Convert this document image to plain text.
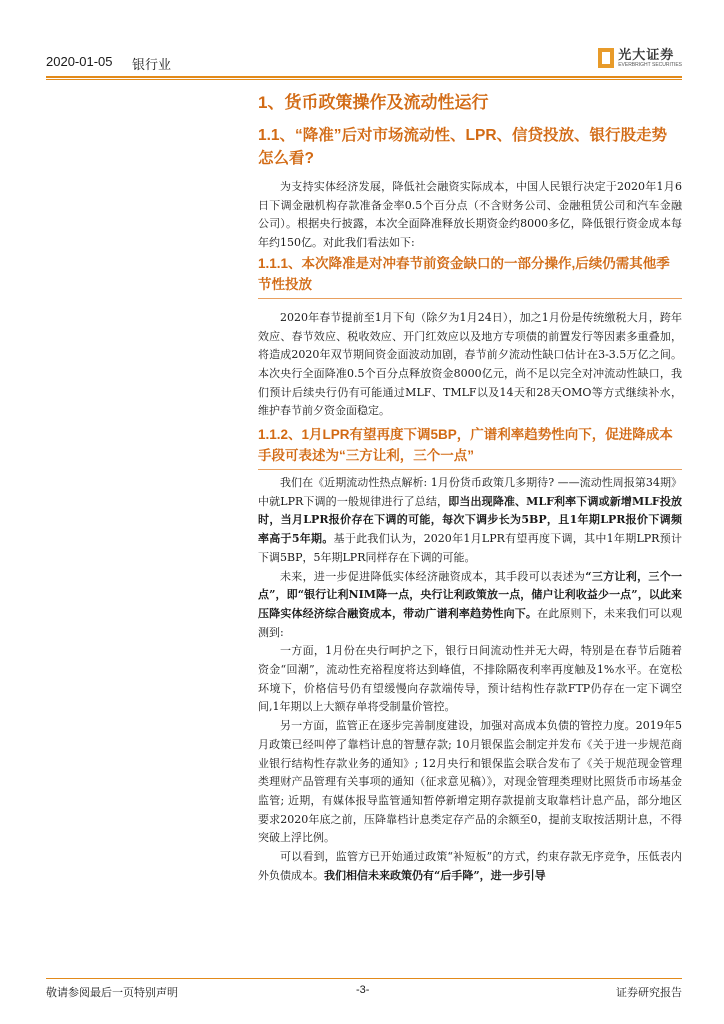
2020-01-05 银行业
光大证券
EVERBRIGHT SECURITIES
1、货币政策操作及流动性运行
1.1、“降准”后对市场流动性、LPR、信贷投放、银行股走势怎么看?

为支持实体经济发展，降低社会融资实际成本，中国人民银行决定于2020年1月6日下调金融机构存款准备金率0.5个百分点（不含财务公司、金融租赁公司和汽车金融公司）。根据央行披露，本次全面降准释放长期资金约8000多亿，降低银行资金成本每年约150亿。对此我们看法如下:

1.1.1、本次降准是对冲春节前资金缺口的一部分操作,后续仍需其他季节性投放

2020年春节提前至1月下旬（除夕为1月24日），加之1月份是传统缴税大月，跨年效应、春节效应、税收效应、开门红效应以及地方专项债的前置发行等因素多重叠加，将造成2020年双节期间资金面波动加剧，春节前夕流动性缺口估计在3-3.5万亿之间。本次央行全面降准0.5个百分点释放资金8000亿元，尚不足以完全对冲流动性缺口，我们预计后续央行仍有可能通过MLF、TMLF以及14天和28天OMO等方式继续补水，维护春节前夕资金面稳定。

1.1.2、1月LPR有望再度下调5BP，广谱利率趋势性向下，促进降成本手段可表述为“三方让利，三个一点”

我们在《近期流动性热点解析: 1月份货币政策几多期待? ——流动性周报第34期》中就LPR下调的一般规律进行了总结，即当出现降准、MLF利率下调或新增MLF投放时，当月LPR报价存在下调的可能，每次下调步长为5BP，且1年期LPR报价下调频率高于5年期。基于此我们认为，2020年1月LPR有望再度下调，其中1年期LPR预计下调5BP，5年期LPR同样存在下调的可能。

未来，进一步促进降低实体经济融资成本，其手段可以表述为“三方让利，三个一点”，即“银行让利NIM降一点，央行让利政策放一点，储户让利收益少一点”，以此来压降实体经济综合融资成本，带动广谱利率趋势性向下。在此原则下，未来我们可以观测到:

一方面，1月份在央行呵护之下，银行日间流动性并无大碍，特别是在春节后随着资金“回潮”，流动性充裕程度将达到峰值，不排除隔夜利率再度触及1%水平。在宽松环境下，价格信号仍有望缓慢向存款端传导，预计结构性存款FTP仍存在一定下调空间,1年期以上大额存单将受制量价管控。

另一方面，监管正在逐步完善制度建设，加强对高成本负债的管控力度。2019年5月政策已经叫停了靠档计息的智慧存款; 10月银保监会制定并发布《关于进一步规范商业银行结构性存款业务的通知》; 12月央行和银保监会联合发布了《关于规范现金管理类理财产品管理有关事项的通知（征求意见稿）》，对现金管理类理财比照货币市场基金监管; 近期，有媒体报导监管通知暂停新增定期存款提前支取靠档计息产品，部分地区要求2020年底之前，压降靠档计息类定存产品的余额至0，提前支取按活期计息，不得突破上浮比例。

可以看到，监管方已开始通过政策“补短板”的方式，约束存款无序竞争，压低表内外负债成本。我们相信未来政策仍有“后手降”，进一步引导

敬请参阅最后一页特别声明	-3-	证券研究报告
